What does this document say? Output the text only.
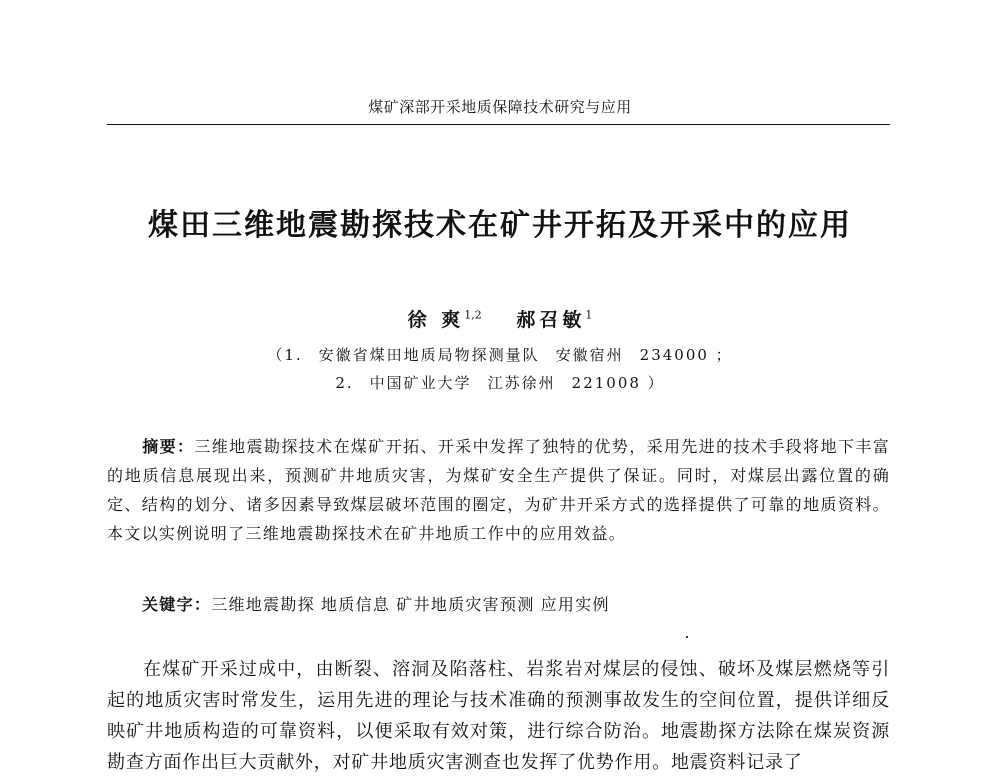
煤矿深部开采地质保障技术研究与应用
煤田三维地震勘探技术在矿井开拓及开采中的应用
徐 爽$^{1,2}$ 郝召敏$^1$
（1. 安徽省煤田地质局物探测量队 安徽宿州 234000 ；
2. 中国矿业大学 江苏徐州 221008 ）
摘要：三维地震勘探技术在煤矿开拓、开采中发挥了独特的优势，采用先进的技术手段将地下丰富的地质信息展现出来，预测矿井地质灾害，为煤矿安全生产提供了保证。同时，对煤层出露位置的确定、结构的划分、诸多因素导致煤层破坏范围的圈定，为矿井开采方式的选择提供了可靠的地质资料。本文以实例说明了三维地震勘探技术在矿井地质工作中的应用效益。
关键字：三维地震勘探 地质信息 矿井地质灾害预测 应用实例
在煤矿开采过成中，由断裂、溶洞及陷落柱、岩浆岩对煤层的侵蚀、破坏及煤层燃烧等引起的地质灾害时常发生，运用先进的理论与技术准确的预测事故发生的空间位置，提供详细反映矿井地质构造的可靠资料，以便采取有效对策，进行综合防治。地震勘探方法除在煤炭资源勘查方面作出巨大贡献外，对矿井地质灾害测查也发挥了优势作用。地震资料记录了
